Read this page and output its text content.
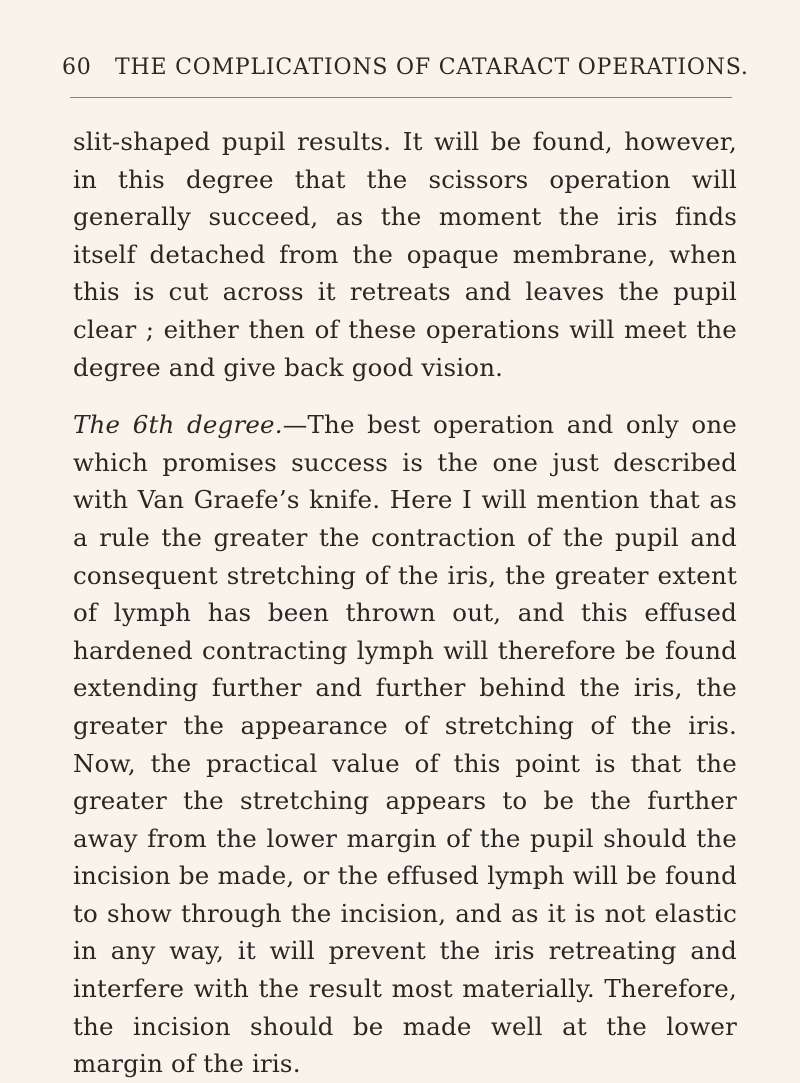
60 THE COMPLICATIONS OF CATARACT OPERATIONS.

slit-shaped pupil results. It will be found, however, in this degree that the scissors operation will generally succeed, as the moment the iris finds itself detached from the opaque membrane, when this is cut across it retreats and leaves the pupil clear ; either then of these operations will meet the degree and give back good vision.

The 6th degree.—The best operation and only one which promises success is the one just described with Van Graefe’s knife. Here I will mention that as a rule the greater the contraction of the pupil and consequent stretching of the iris, the greater extent of lymph has been thrown out, and this effused hardened contracting lymph will therefore be found extending further and further behind the iris, the greater the appearance of stretching of the iris. Now, the practical value of this point is that the greater the stretching appears to be the further away from the lower margin of the pupil should the incision be made, or the effused lymph will be found to show through the incision, and as it is not elastic in any way, it will prevent the iris retreating and interfere with the result most materially. Therefore, the incision should be made well at the lower margin of the iris.
